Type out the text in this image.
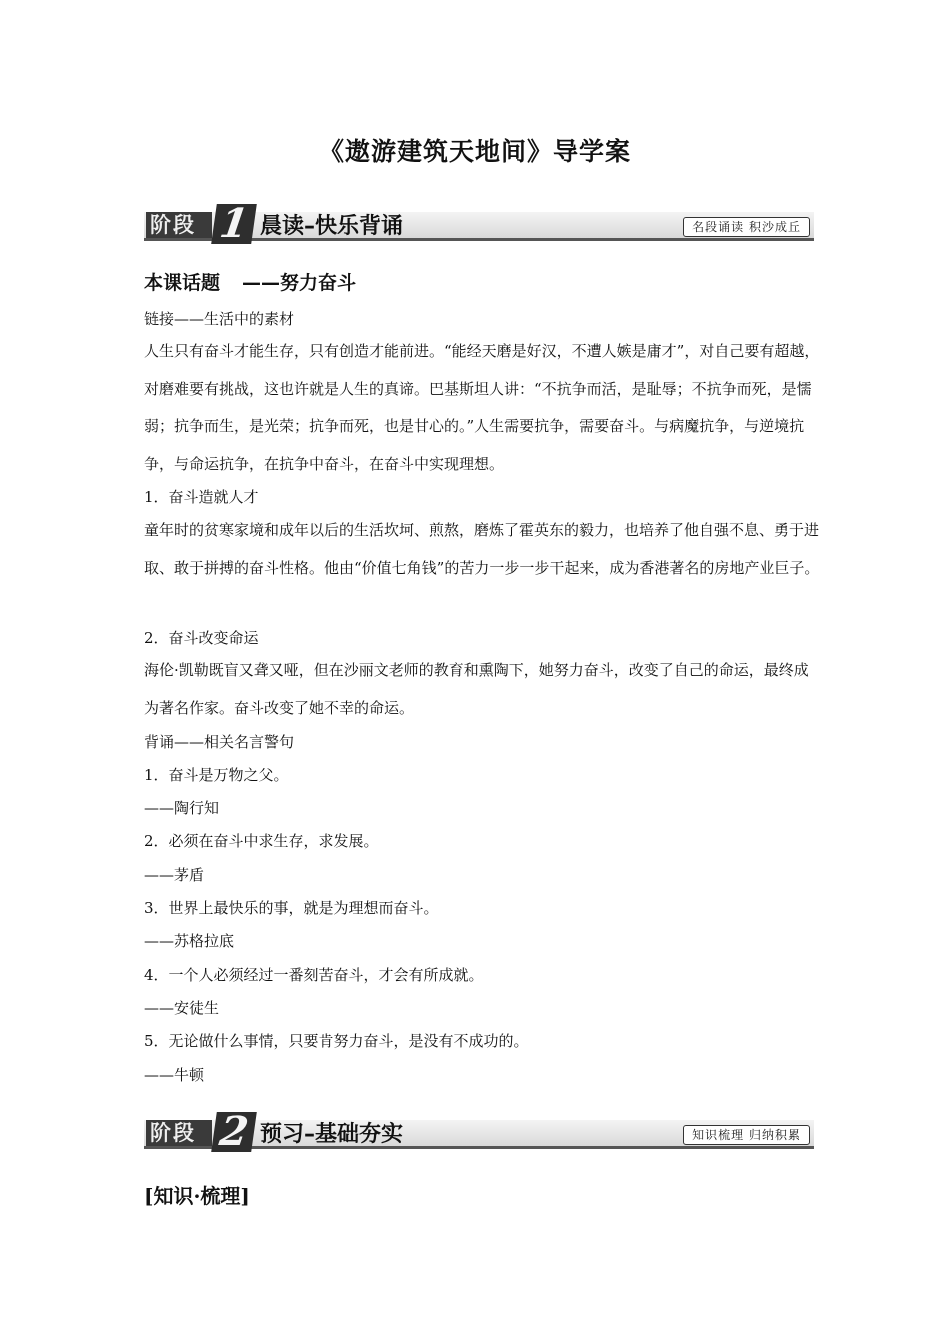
《遨游建筑天地间》导学案
阶段 1 晨读–快乐背诵	名段诵读 积沙成丘
本课话题 ——努力奋斗
链接——生活中的素材
人生只有奋斗才能生存，只有创造才能前进。“能经天磨是好汉，不遭人嫉是庸才”，对自己要有超越，对磨难要有挑战，这也许就是人生的真谛。巴基斯坦人讲：“不抗争而活，是耻辱；不抗争而死，是懦弱；抗争而生，是光荣；抗争而死，也是甘心的。”人生需要抗争，需要奋斗。与病魔抗争，与逆境抗争，与命运抗争，在抗争中奋斗，在奋斗中实现理想。
1．奋斗造就人才
童年时的贫寒家境和成年以后的生活坎坷、煎熬，磨炼了霍英东的毅力，也培养了他自强不息、勇于进取、敢于拼搏的奋斗性格。他由“价值七角钱”的苦力一步一步干起来，成为香港著名的房地产业巨子。
2．奋斗改变命运
海伦·凯勒既盲又聋又哑，但在沙丽文老师的教育和熏陶下，她努力奋斗，改变了自己的命运，最终成为著名作家。奋斗改变了她不幸的命运。
背诵——相关名言警句
1．奋斗是万物之父。
——陶行知
2．必须在奋斗中求生存，求发展。
——茅盾
3．世界上最快乐的事，就是为理想而奋斗。
——苏格拉底
4．一个人必须经过一番刻苦奋斗，才会有所成就。
——安徒生
5．无论做什么事情，只要肯努力奋斗，是没有不成功的。
——牛顿
阶段 2 预习–基础夯实	知识梳理 归纳积累
[知识·梳理]
